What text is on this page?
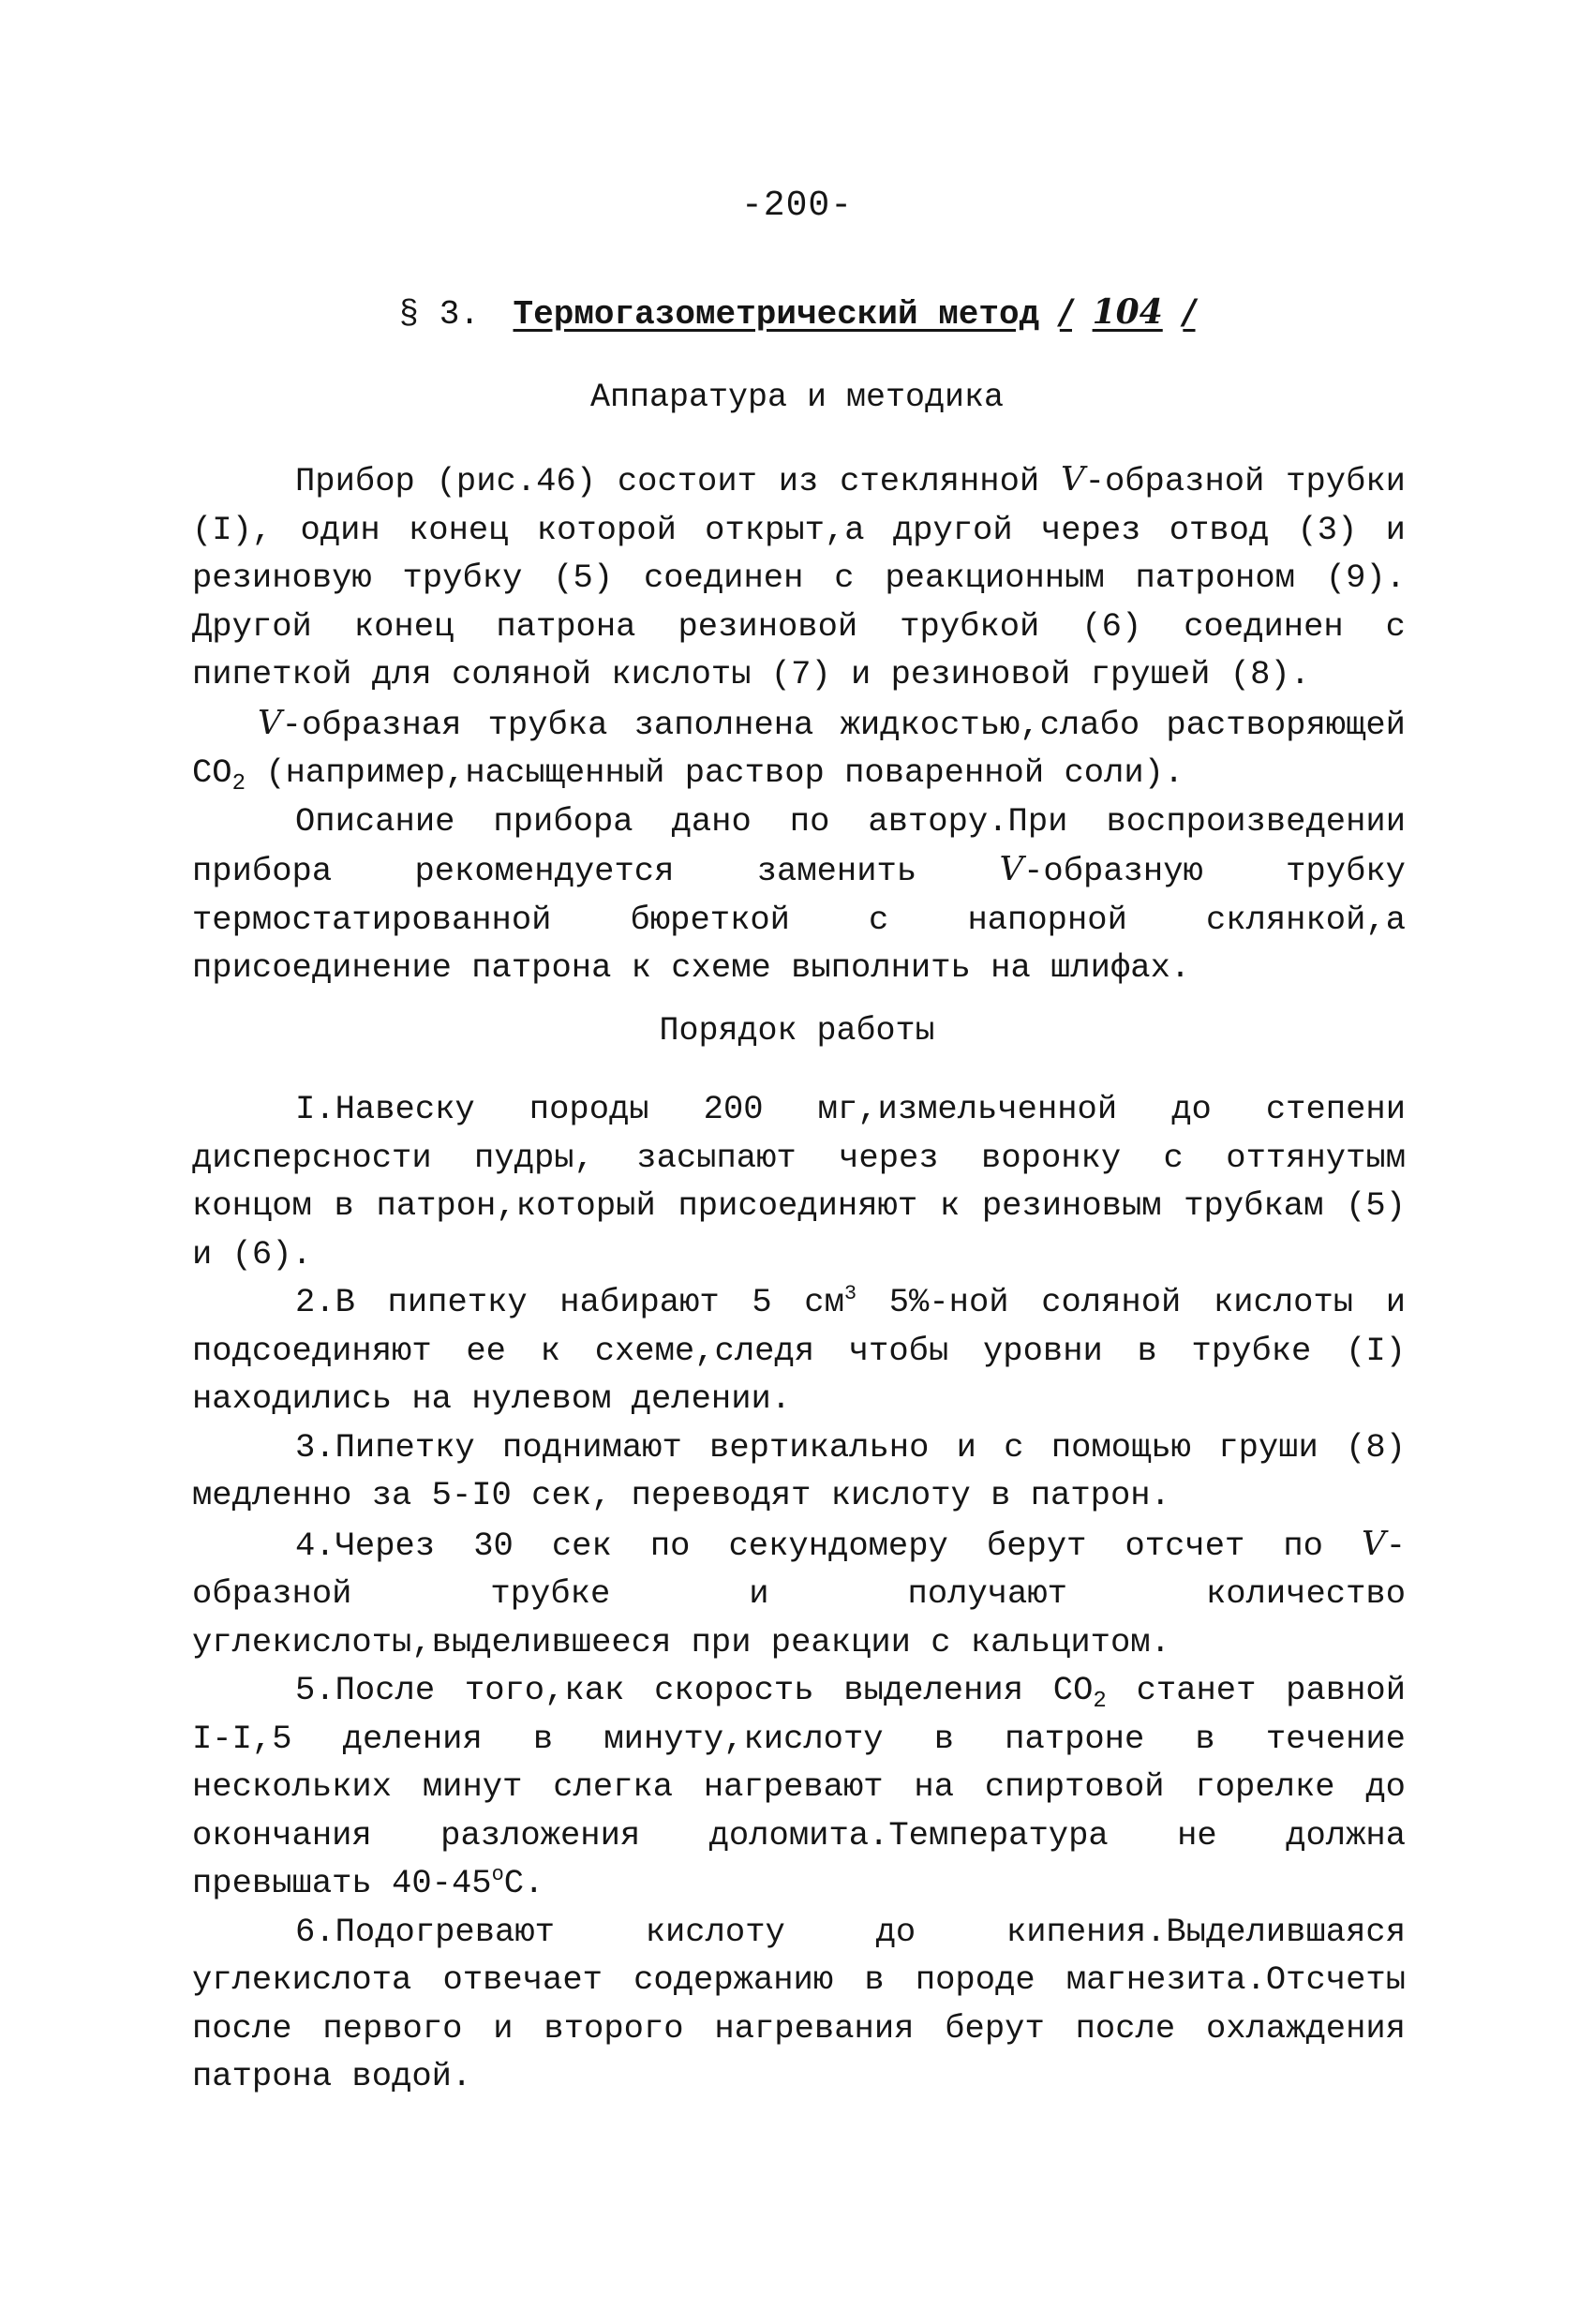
-200-
§ 3. Термогазометрический метод / 104 /
Аппаратура и методика

Прибор (рис.46) состоит из стеклянной V-образной трубки (I), один конец которой открыт,а другой через отвод (3) и резиновую трубку (5) соединен с реакционным патроном (9). Другой конец патрона резиновой трубкой (6) соединен с пипеткой для соляной кислоты (7) и резиновой грушей (8).

V-образная трубка заполнена жидкостью,слабо растворяющей $CO_2$ (например,насыщенный раствор поваренной соли).

Описание прибора дано по автору.При воспроизведении прибора рекомендуется заменить V-образную трубку термостатированной бюреткой с напорной склянкой,а присоединение патрона к схеме выполнить на шлифах.

Порядок работы

I.Навеску породы 200 мг,измельченной до степени дисперсности пудры, засыпают через воронку с оттянутым концом в патрон,который присоединяют к резиновым трубкам (5) и (6).

2.В пипетку набирают 5 $см^3$ 5%-ной соляной кислоты и подсоединяют ее к схеме,следя чтобы уровни в трубке (I) находились на нулевом делении.

3.Пипетку поднимают вертикально и с помощью груши (8) медленно за 5-I0 сек, переводят кислоту в патрон.

4.Через 30 сек по секундомеру берут отсчет по V-образной трубке и получают количество углекислоты,выделившееся при реакции с кальцитом.

5.После того,как скорость выделения $CO_2$ станет равной I-I,5 деления в минуту,кислоту в патроне в течение нескольких минут слегка нагревают на спиртовой горелке до окончания разложения доломита.Температура не должна превышать $40-45^оС$.

6.Подогревают кислоту до кипения.Выделившаяся углекислота отвечает содержанию в породе магнезита.Отсчеты после первого и второго нагревания берут после охлаждения патрона водой.
